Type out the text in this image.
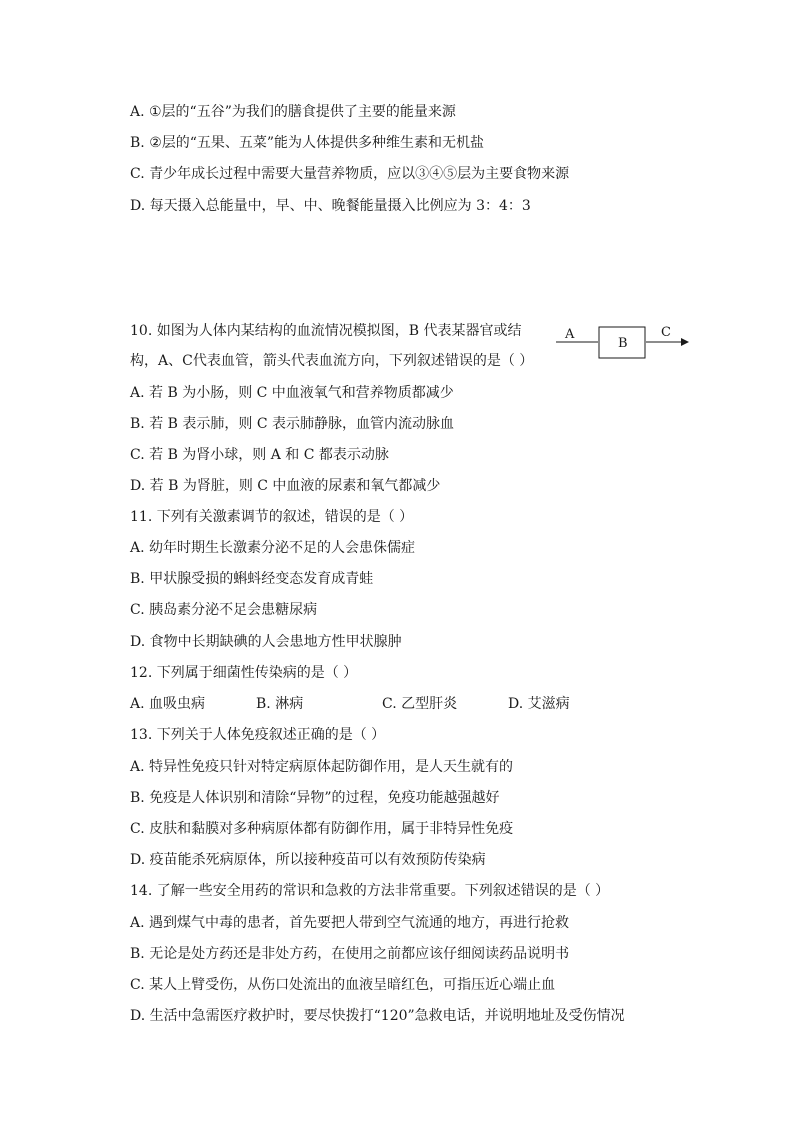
A. ①层的“五谷”为我们的膳食提供了主要的能量来源
B. ②层的“五果、五菜”能为人体提供多种维生素和无机盐
C. 青少年成长过程中需要大量营养物质，应以③④⑤层为主要食物来源
D. 每天摄入总能量中，早、中、晚餐能量摄入比例应为 3：4：3
10. 如图为人体内某结构的血流情况模拟图，B 代表某器官或结
构，A、C代表血管，箭头代表血流方向，下列叙述错误的是（ ）
A
B
C
A. 若 B 为小肠，则 C 中血液氧气和营养物质都减少
B. 若 B 表示肺，则 C 表示肺静脉，血管内流动脉血
C. 若 B 为肾小球，则 A 和 C 都表示动脉
D. 若 B 为肾脏，则 C 中血液的尿素和氧气都减少
11. 下列有关激素调节的叙述，错误的是（ ）
A. 幼年时期生长激素分泌不足的人会患侏儒症
B. 甲状腺受损的蝌蚪经变态发育成青蛙
C. 胰岛素分泌不足会患糖尿病
D. 食物中长期缺碘的人会患地方性甲状腺肿
12. 下列属于细菌性传染病的是（ ）
A. 血吸虫病	B. 淋病	C. 乙型肝炎	D. 艾滋病
13. 下列关于人体免疫叙述正确的是（ ）
A. 特异性免疫只针对特定病原体起防御作用，是人天生就有的
B. 免疫是人体识别和清除“异物”的过程，免疫功能越强越好
C. 皮肤和黏膜对多种病原体都有防御作用，属于非特异性免疫
D. 疫苗能杀死病原体，所以接种疫苗可以有效预防传染病
14. 了解一些安全用药的常识和急救的方法非常重要。下列叙述错误的是（ ）
A. 遇到煤气中毒的患者，首先要把人带到空气流通的地方，再进行抢救
B. 无论是处方药还是非处方药，在使用之前都应该仔细阅读药品说明书
C. 某人上臂受伤，从伤口处流出的血液呈暗红色，可指压近心端止血
D. 生活中急需医疗救护时，要尽快拨打“120”急救电话，并说明地址及受伤情况
